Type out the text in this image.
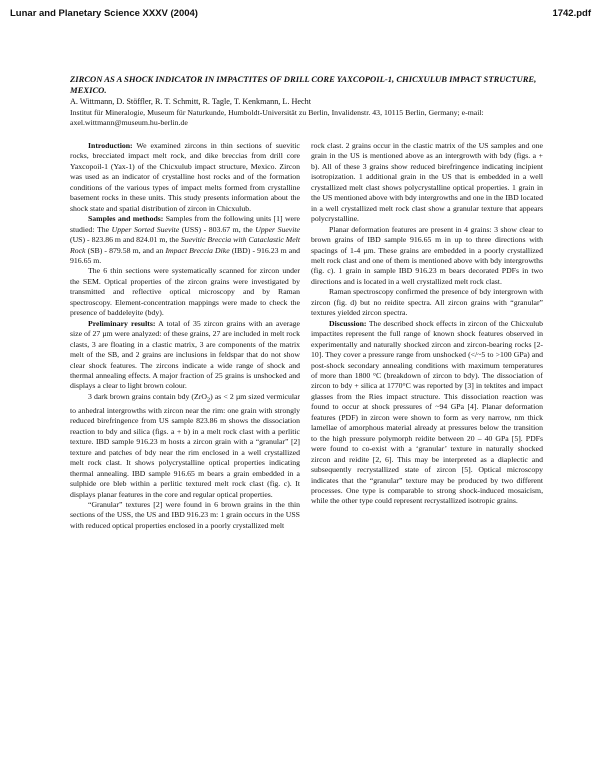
Lunar and Planetary Science XXXV (2004)	1742.pdf

ZIRCON AS A SHOCK INDICATOR IN IMPACTITES OF DRILL CORE YAXCOPOIL-1, CHICXULUB IMPACT STRUCTURE, MEXICO.

A. Wittmann, D. Stöffler, R. T. Schmitt, R. Tagle, T. Kenkmann, L. Hecht

Institut für Mineralogie, Museum für Naturkunde, Humboldt-Universität zu Berlin, Invalidenstr. 43, 10115 Berlin, Germany; e-mail: axel.wittmann@museum.hu-berlin.de

Introduction: We examined zircons in thin sections of suevitic rocks, brecciated impact melt rock, and dike breccias from drill core Yaxcopoil-1 (Yax-1) of the Chicxulub impact structure, Mexico. Zircon was used as an indicator of crystalline host rocks and of the formation conditions of the various types of impact melts formed from crystalline basement rocks in these units. This study presents information about the shock state and spatial distribution of zircon in Chicxulub.

Samples and methods: Samples from the following units [1] were studied: The Upper Sorted Suevite (USS) - 803.67 m, the Upper Suevite (US) - 823.86 m and 824.01 m, the Suevitic Breccia with Cataclastic Melt Rock (SB) - 879.58 m, and an Impact Breccia Dike (IBD) - 916.23 m and 916.65 m.

The 6 thin sections were systematically scanned for zircon under the SEM. Optical properties of the zircon grains were investigated by transmitted and reflective optical microscopy and by Raman spectroscopy. Element-concentration mappings were made to check the presence of baddeleyite (bdy).

Preliminary results: A total of 35 zircon grains with an average size of 27 µm were analyzed: of these grains, 27 are included in melt rock clasts, 3 are floating in a clastic matrix, 3 are components of the matrix melt of the SB, and 2 grains are inclusions in feldspar that do not show clear shock features. The zircons indicate a wide range of shock and thermal annealing effects. A major fraction of 25 grains is unshocked and displays a clear to light brown colour.

3 dark brown grains contain bdy (ZrO$_2$) as < 2 µm sized vermicular to anhedral intergrowths with zircon near the rim: one grain with strongly reduced birefringence from US sample 823.86 m shows the dissociation reaction to bdy and silica (figs. a + b) in a melt rock clast with a perlitic texture. IBD sample 916.23 m hosts a zircon grain with a “granular” [2] texture and patches of bdy near the rim enclosed in a well crystallized melt rock clast. It shows polycrystalline optical properties indicating thermal annealing. IBD sample 916.65 m bears a grain embedded in a sulphide ore bleb within a perlitic textured melt rock clast (fig. c). It displays planar features in the core and regular optical properties.

“Granular” textures [2] were found in 6 brown grains in the thin sections of the USS, the US and IBD 916.23 m: 1 grain occurs in the USS with reduced optical properties enclosed in a poorly crystallized melt

rock clast. 2 grains occur in the clastic matrix of the US samples and one grain in the US is mentioned above as an intergrowth with bdy (figs. a + b). All of these 3 grains show reduced birefringence indicating incipient isotropization. 1 additional grain in the US that is embedded in a well crystallized melt clast shows polycrystalline optical properties. 1 grain in the US mentioned above with bdy intergrowths and one in the IBD located in a well crystallized melt rock clast show a granular texture that appears polycrystalline.

Planar deformation features are present in 4 grains: 3 show clear to brown grains of IBD sample 916.65 m in up to three directions with spacings of 1-4 µm. These grains are embedded in a poorly crystallized melt rock clast and one of them is mentioned above with bdy intergrowths (fig. c). 1 grain in sample IBD 916.23 m bears decorated PDFs in two directions and is located in a well crystallized melt rock clast.

Raman spectroscopy confirmed the presence of bdy intergrown with zircon (fig. d) but no reidite spectra. All zircon grains with “granular” textures yielded zircon spectra.

Discussion: The described shock effects in zircon of the Chicxulub impactites represent the full range of known shock features observed in experimentally and naturally shocked zircon and zircon-bearing rocks [2-10]. They cover a pressure range from unshocked (</~5 to >100 GPa) and post-shock secondary annealing conditions with maximum temperatures of more than 1800 °C (breakdown of zircon to bdy). The dissociation of zircon to bdy + silica at 1770°C was reported by [3] in tektites and impact glasses from the Ries impact structure. This dissociation reaction was found to occur at shock pressures of ~94 GPa [4]. Planar deformation features (PDF) in zircon were shown to form as very narrow, nm thick lamellae of amorphous material already at pressures below the transition to the high pressure polymorph reidite between 20 – 40 GPa [5]. PDFs were found to co-exist with a ‘granular’ texture in naturally shocked zircon and reidite [2, 6]. This may be interpreted as a diaplectic and subsequently recrystallized state of zircon [5]. Optical microscopy indicates that the “granular” texture may be produced by two different processes. One type is comparable to strong shock-induced mosaicism, while the other type could represent recrystallized isotropic grains.
